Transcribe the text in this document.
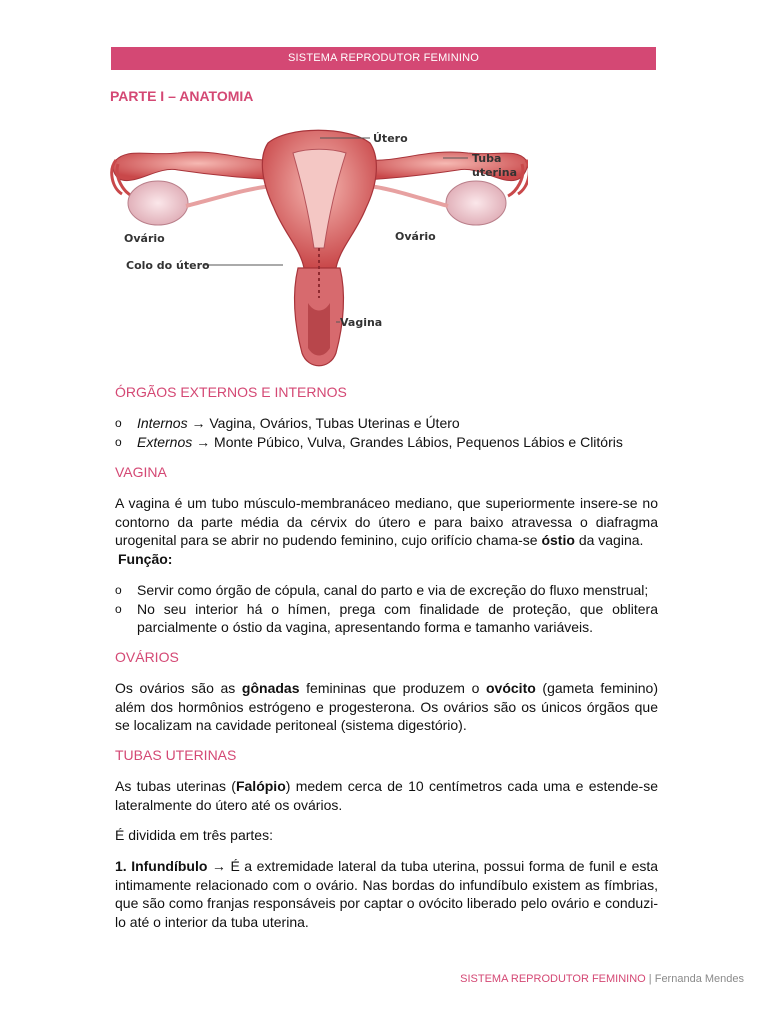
SISTEMA REPRODUTOR FEMININO
PARTE I – ANATOMIA
Útero
Tuba
uterina
Ovário	Ovário
Colo do útero
Vagina
ÓRGÃOS EXTERNOS E INTERNOS
o Internos → Vagina, Ovários, Tubas Uterinas e Útero
o Externos → Monte Púbico, Vulva, Grandes Lábios, Pequenos Lábios e Clitóris
VAGINA

A vagina é um tubo músculo-membranáceo mediano, que superiormente insere-se no contorno da parte média da cérvix do útero e para baixo atravessa o diafragma urogenital para se abrir no pudendo feminino, cujo orifício chama-se óstio da vagina.

Função:
o Servir como órgão de cópula, canal do parto e via de excreção do fluxo menstrual;
o No seu interior há o hímen, prega com finalidade de proteção, que oblitera parcialmente o óstio da vagina, apresentando forma e tamanho variáveis.
OVÁRIOS

Os ovários são as gônadas femininas que produzem o ovócito (gameta feminino) além dos hormônios estrógeno e progesterona. Os ovários são os únicos órgãos que se localizam na cavidade peritoneal (sistema digestório).

TUBAS UTERINAS

As tubas uterinas (Falópio) medem cerca de 10 centímetros cada uma e estende-se lateralmente do útero até os ovários.

É dividida em três partes:

1. Infundíbulo → É a extremidade lateral da tuba uterina, possui forma de funil e esta intimamente relacionado com o ovário. Nas bordas do infundíbulo existem as fímbrias, que são como franjas responsáveis por captar o ovócito liberado pelo ovário e conduzi-lo até o interior da tuba uterina.

SISTEMA REPRODUTOR FEMININO | Fernanda Mendes
